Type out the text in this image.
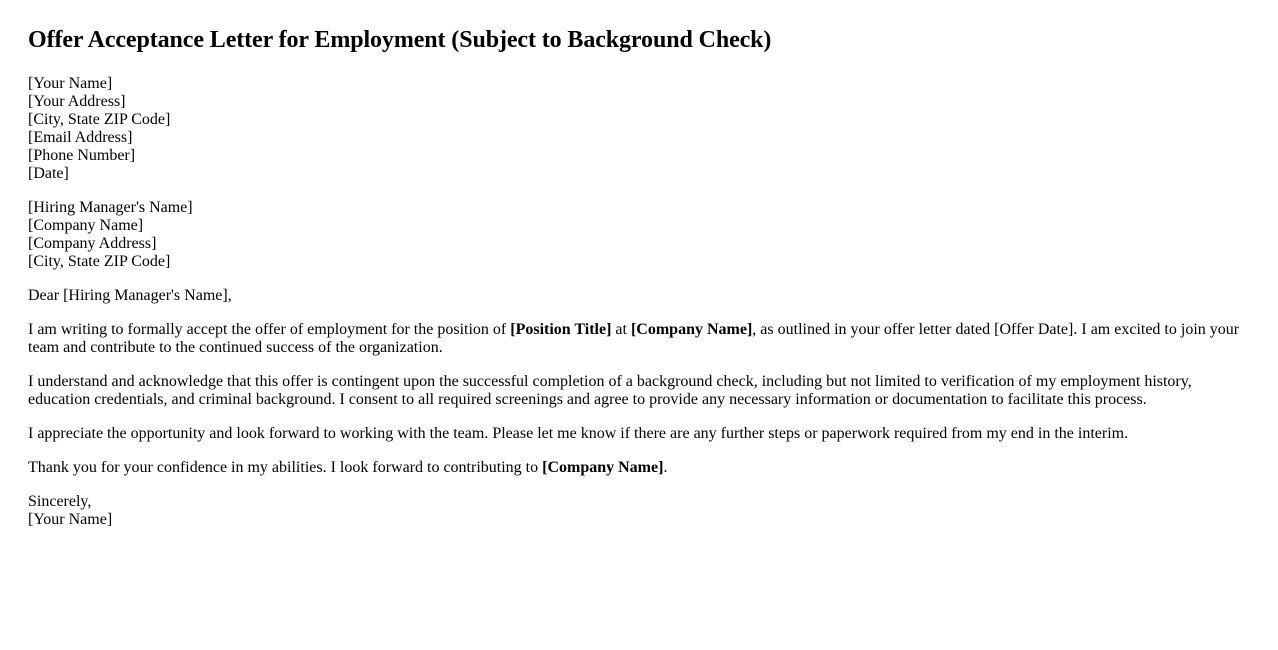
Offer Acceptance Letter for Employment (Subject to Background Check)
[Your Name]
[Your Address]
[City, State ZIP Code]
[Email Address]
[Phone Number]
[Date]
[Hiring Manager's Name]
[Company Name]
[Company Address]
[City, State ZIP Code]

Dear [Hiring Manager's Name],

I am writing to formally accept the offer of employment for the position of [Position Title] at [Company Name], as outlined in your offer letter dated [Offer Date]. I am excited to join your team and contribute to the continued success of the organization.

I understand and acknowledge that this offer is contingent upon the successful completion of a background check, including but not limited to verification of my employment history, education credentials, and criminal background. I consent to all required screenings and agree to provide any necessary information or documentation to facilitate this process.

I appreciate the opportunity and look forward to working with the team. Please let me know if there are any further steps or paperwork required from my end in the interim.

Thank you for your confidence in my abilities. I look forward to contributing to [Company Name].

Sincerely,
[Your Name]
